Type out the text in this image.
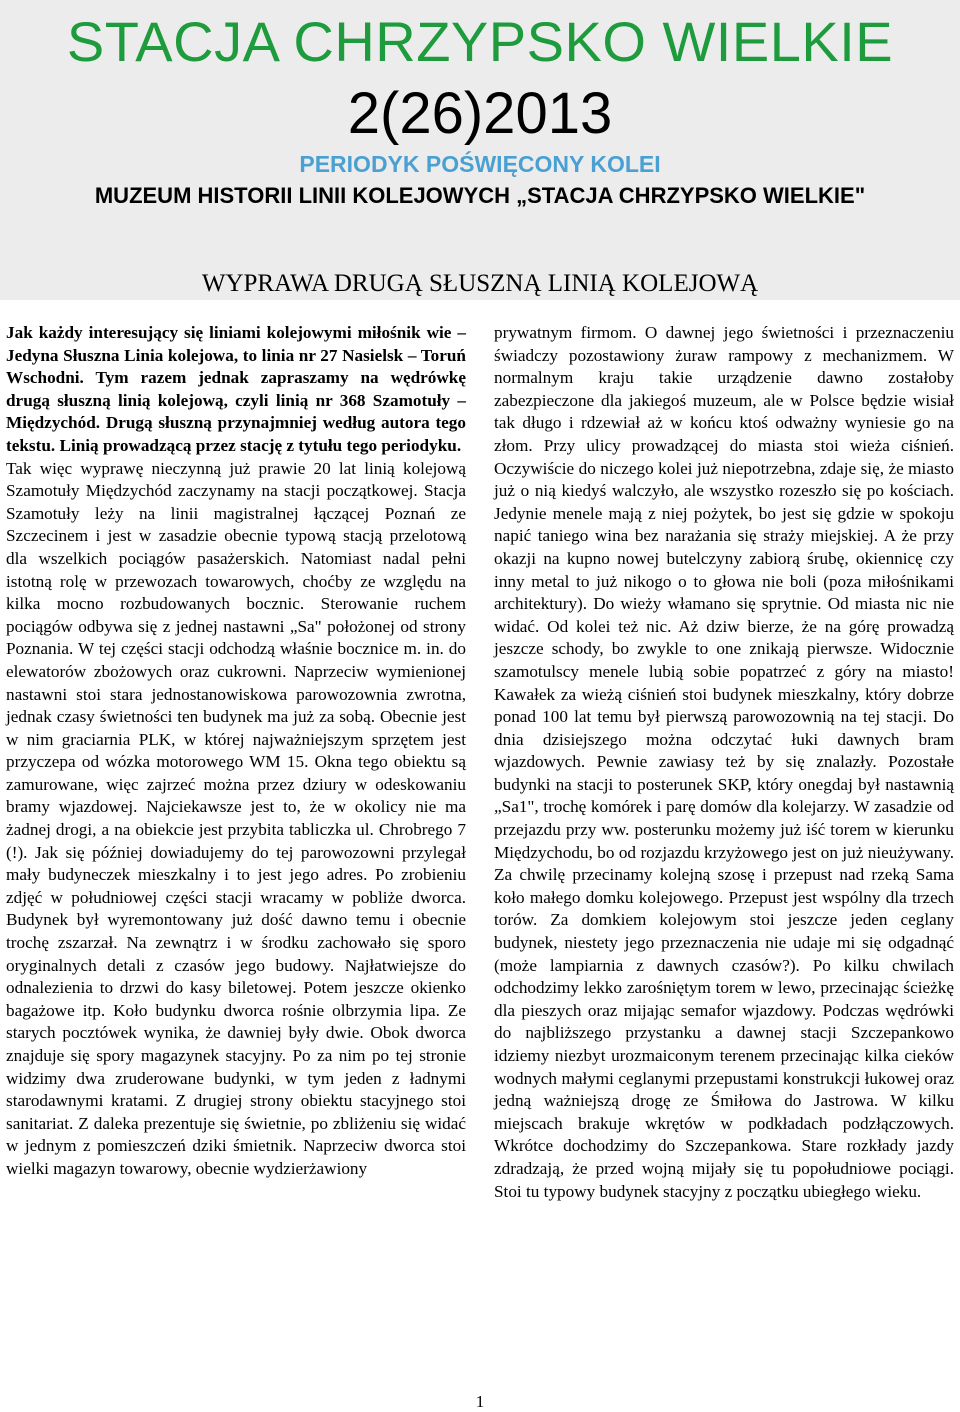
STACJA CHRZYPSKO WIELKIE
2(26)2013
PERIODYK POŚWIĘCONY KOLEI
MUZEUM HISTORII LINII KOLEJOWYCH „STACJA CHRZYPSKO WIELKIE"
WYPRAWA DRUGĄ SŁUSZNĄ LINIĄ KOLEJOWĄ

Jak każdy interesujący się liniami kolejowymi miłośnik wie – Jedyna Słuszna Linia kolejowa, to linia nr 27 Nasielsk – Toruń Wschodni. Tym razem jednak zapraszamy na wędrówkę drugą słuszną linią kolejową, czyli linią nr 368 Szamotuły – Międzychód. Drugą słuszną przynajmniej według autora tego tekstu. Linią prowadzącą przez stację z tytułu tego periodyku.

Tak więc wyprawę nieczynną już prawie 20 lat linią kolejową Szamotuły Międzychód zaczynamy na stacji początkowej. Stacja Szamotuły leży na linii magistralnej łączącej Poznań ze Szczecinem i jest w zasadzie obecnie typową stacją przelotową dla wszelkich pociągów pasażerskich. Natomiast nadal pełni istotną rolę w przewozach towarowych, choćby ze względu na kilka mocno rozbudowanych bocznic. Sterowanie ruchem pociągów odbywa się z jednej nastawni „Sa" położonej od strony Poznania. W tej części stacji odchodzą właśnie bocznice m. in. do elewatorów zbożowych oraz cukrowni. Naprzeciw wymienionej nastawni stoi stara jednostanowiskowa parowozownia zwrotna, jednak czasy świetności ten budynek ma już za sobą. Obecnie jest w nim graciarnia PLK, w której najważniejszym sprzętem jest przyczepa od wózka motorowego WM 15. Okna tego obiektu są zamurowane, więc zajrzeć można przez dziury w odeskowaniu bramy wjazdowej. Najciekawsze jest to, że w okolicy nie ma żadnej drogi, a na obiekcie jest przybita tabliczka ul. Chrobrego 7 (!). Jak się później dowiadujemy do tej parowozowni przylegał mały budyneczek mieszkalny i to jest jego adres. Po zrobieniu zdjęć w południowej części stacji wracamy w pobliże dworca. Budynek był wyremontowany już dość dawno temu i obecnie trochę zszarzał. Na zewnątrz i w środku zachowało się sporo oryginalnych detali z czasów jego budowy. Najłatwiejsze do odnalezienia to drzwi do kasy biletowej. Potem jeszcze okienko bagażowe itp. Koło budynku dworca rośnie olbrzymia lipa. Ze starych pocztówek wynika, że dawniej były dwie. Obok dworca znajduje się spory magazynek stacyjny. Po za nim po tej stronie widzimy dwa zruderowane budynki, w tym jeden z ładnymi starodawnymi kratami. Z drugiej strony obiektu stacyjnego stoi sanitariat. Z daleka prezentuje się świetnie, po zbliżeniu się widać w jednym z pomieszczeń dziki śmietnik. Naprzeciw dworca stoi wielki magazyn towarowy, obecnie wydzierżawiony

prywatnym firmom. O dawnej jego świetności i przeznaczeniu świadczy pozostawiony żuraw rampowy z mechanizmem. W normalnym kraju takie urządzenie dawno zostałoby zabezpieczone dla jakiegoś muzeum, ale w Polsce będzie wisiał tak długo i rdzewiał aż w końcu ktoś odważny wyniesie go na złom. Przy ulicy prowadzącej do miasta stoi wieża ciśnień. Oczywiście do niczego kolei już niepotrzebna, zdaje się, że miasto już o nią kiedyś walczyło, ale wszystko rozeszło się po kościach. Jedynie menele mają z niej pożytek, bo jest się gdzie w spokoju napić taniego wina bez narażania się straży miejskiej. A że przy okazji na kupno nowej butelczyny zabiorą śrubę, okiennicę czy inny metal to już nikogo o to głowa nie boli (poza miłośnikami architektury). Do wieży włamano się sprytnie. Od miasta nic nie widać. Od kolei też nic. Aż dziw bierze, że na górę prowadzą jeszcze schody, bo zwykle to one znikają pierwsze. Widocznie szamotulscy menele lubią sobie popatrzeć z góry na miasto! Kawałek za wieżą ciśnień stoi budynek mieszkalny, który dobrze ponad 100 lat temu był pierwszą parowozownią na tej stacji. Do dnia dzisiejszego można odczytać łuki dawnych bram wjazdowych. Pewnie zawiasy też by się znalazły. Pozostałe budynki na stacji to posterunek SKP, który onegdaj był nastawnią „Sa1", trochę komórek i parę domów dla kolejarzy. W zasadzie od przejazdu przy ww. posterunku możemy już iść torem w kierunku Międzychodu, bo od rozjazdu krzyżowego jest on już nieużywany. Za chwilę przecinamy kolejną szosę i przepust nad rzeką Sama koło małego domku kolejowego. Przepust jest wspólny dla trzech torów. Za domkiem kolejowym stoi jeszcze jeden ceglany budynek, niestety jego przeznaczenia nie udaje mi się odgadnąć (może lampiarnia z dawnych czasów?). Po kilku chwilach odchodzimy lekko zarośniętym torem w lewo, przecinając ścieżkę dla pieszych oraz mijając semafor wjazdowy. Podczas wędrówki do najbliższego przystanku a dawnej stacji Szczepankowo idziemy niezbyt urozmaiconym terenem przecinając kilka cieków wodnych małymi ceglanymi przepustami konstrukcji łukowej oraz jedną ważniejszą drogę ze Śmiłowa do Jastrowa. W kilku miejscach brakuje wkrętów w podkładach podzłączowych. Wkrótce dochodzimy do Szczepankowa. Stare rozkłady jazdy zdradzają, że przed wojną mijały się tu popołudniowe pociągi. Stoi tu typowy budynek stacyjny z początku ubiegłego wieku.

1
